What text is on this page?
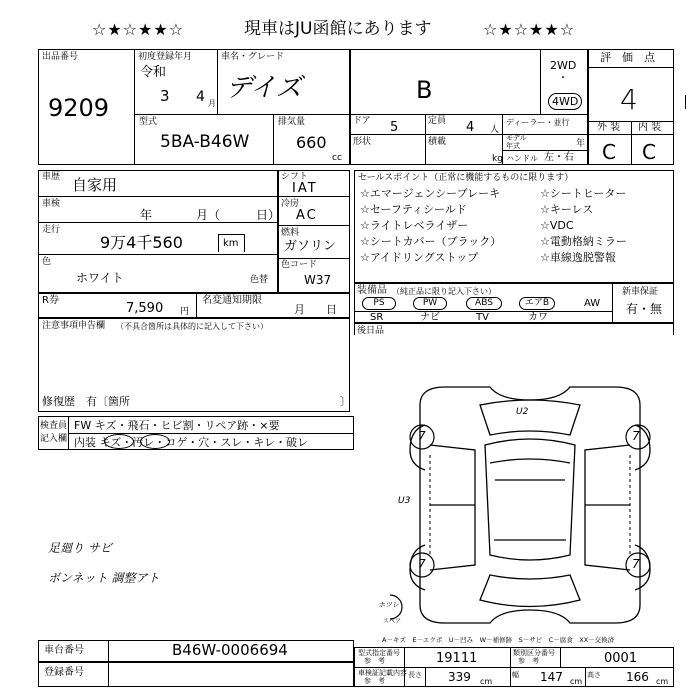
☆★☆★★☆	現車はJU函館にあります	☆★☆★★☆
出品番号
9209
初度登録年月
令和
3 4 月
車名・グレード
デイズ	B
2WD
・
4WD
評　価　点
4
外 装 内 装
C C
型式
5BA-B46W
排気量
660
cc
ドア 5	定員 4 人
形状	積載
kg
ディーラー・並行
モデル
年式	年
ハンドル 左・右
車歴 自家用
車検
年	月（	日）
走行
9万4千560	km
色
ホワイト	色替
シフト
IAT
冷房
AC
燃料
ガソリン
色コード
W37
セールスポイント（正常に機能するものに限ります）
☆エマージェンシーブレーキ	☆シートヒーター
☆セーフティシールド	☆キーレス
☆ライトレベライザー	☆VDC
☆シートカバー（ブラック）	☆電動格納ミラー
☆アイドリングストップ	☆車線逸脱警報
R券
7,590 円
名変通知期限
月 日
装備品 （純正品に限り記入下さい）
PS	PW	ABS	エアB	AW
SR	ナビ	TV	カワ
新車保証
有・無
注意事項申告欄 （不具合箇所は具体的に記入して下さい）
修復歴　有〔箇所	〕
後日品
検査員
記入欄
FW キズ・飛石・ヒビ割・リペア跡・×要
内装 キズ・汚レ・コゲ・穴・スレ・キレ・破レ
足廻り サビ
ボンネット 調整アト
U2
U3
7	7
7	7
ホツレ
スペア
A－キズ　E－エクボ　U－凹み　W－補修跡　S－サビ　C－腐食　XX－交換済
車台番号	B46W-0006694
登録番号
型式指定番号
参　考	19111	類別区分番号
参　考	0001
車検証記載内容
参　考
長さ 339 cm
幅 147 cm
高さ 166 cm
